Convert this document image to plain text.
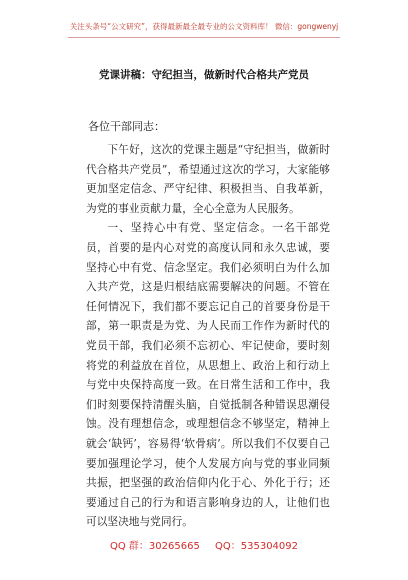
关注头条号“公文研究”，获得最新最全最专业的公文资料库！ 微信：gongwenyj
党课讲稿：守纪担当，做新时代合格共产党员
各位干部同志：

下午好，这次的党课主题是“守纪担当，做新时代合格共产党员”，希望通过这次的学习，大家能够更加坚定信念、严守纪律、积极担当、自我革新，为党的事业贡献力量，全心全意为人民服务。

一、坚持心中有党、坚定信念。一名干部党员，首要的是内心对党的高度认同和永久忠诚，要坚持心中有党、信念坚定。我们必须明白为什么加入共产党，这是归根结底需要解决的问题。不管在任何情况下，我们都不要忘记自己的首要身份是干部，第一职责是为党、为人民而工作作为新时代的党员干部，我们必须不忘初心、牢记使命，要时刻将党的利益放在首位，从思想上、政治上和行动上与党中央保持高度一致。在日常生活和工作中，我们时刻要保持清醒头脑，自觉抵制各种错误思潮侵蚀。没有理想信念，或理想信念不够坚定，精神上就会‘缺钙’，容易得‘软骨病’。所以我们不仅要自己要加强理论学习，使个人发展方向与党的事业同频共振，把坚强的政治信仰内化于心、外化于行；还要通过自己的行为和语言影响身边的人，让他们也可以坚决地与党同行。

QQ 群：30265665 QQ：535304092
